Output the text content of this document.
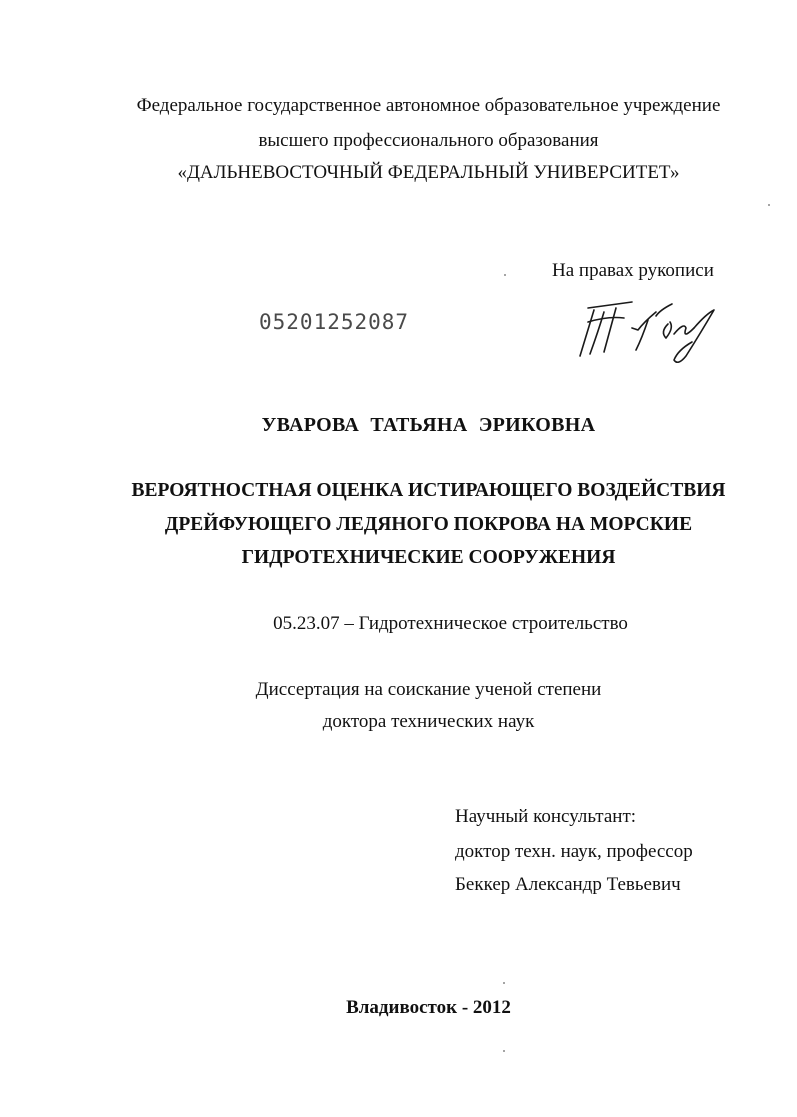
Федеральное государственное автономное образовательное учреждение
высшего профессионального образования
«ДАЛЬНЕВОСТОЧНЫЙ ФЕДЕРАЛЬНЫЙ УНИВЕРСИТЕТ»
На правах рукописи
05201252087
УВАРОВА ТАТЬЯНА ЭРИКОВНА
ВЕРОЯТНОСТНАЯ ОЦЕНКА ИСТИРАЮЩЕГО ВОЗДЕЙСТВИЯ
ДРЕЙФУЮЩЕГО ЛЕДЯНОГО ПОКРОВА НА МОРСКИЕ
ГИДРОТЕХНИЧЕСКИЕ СООРУЖЕНИЯ
05.23.07 – Гидротехническое строительство
Диссертация на соискание ученой степени
доктора технических наук
Научный консультант:
доктор техн. наук, профессор
Беккер Александр Тевьевич
Владивосток - 2012
